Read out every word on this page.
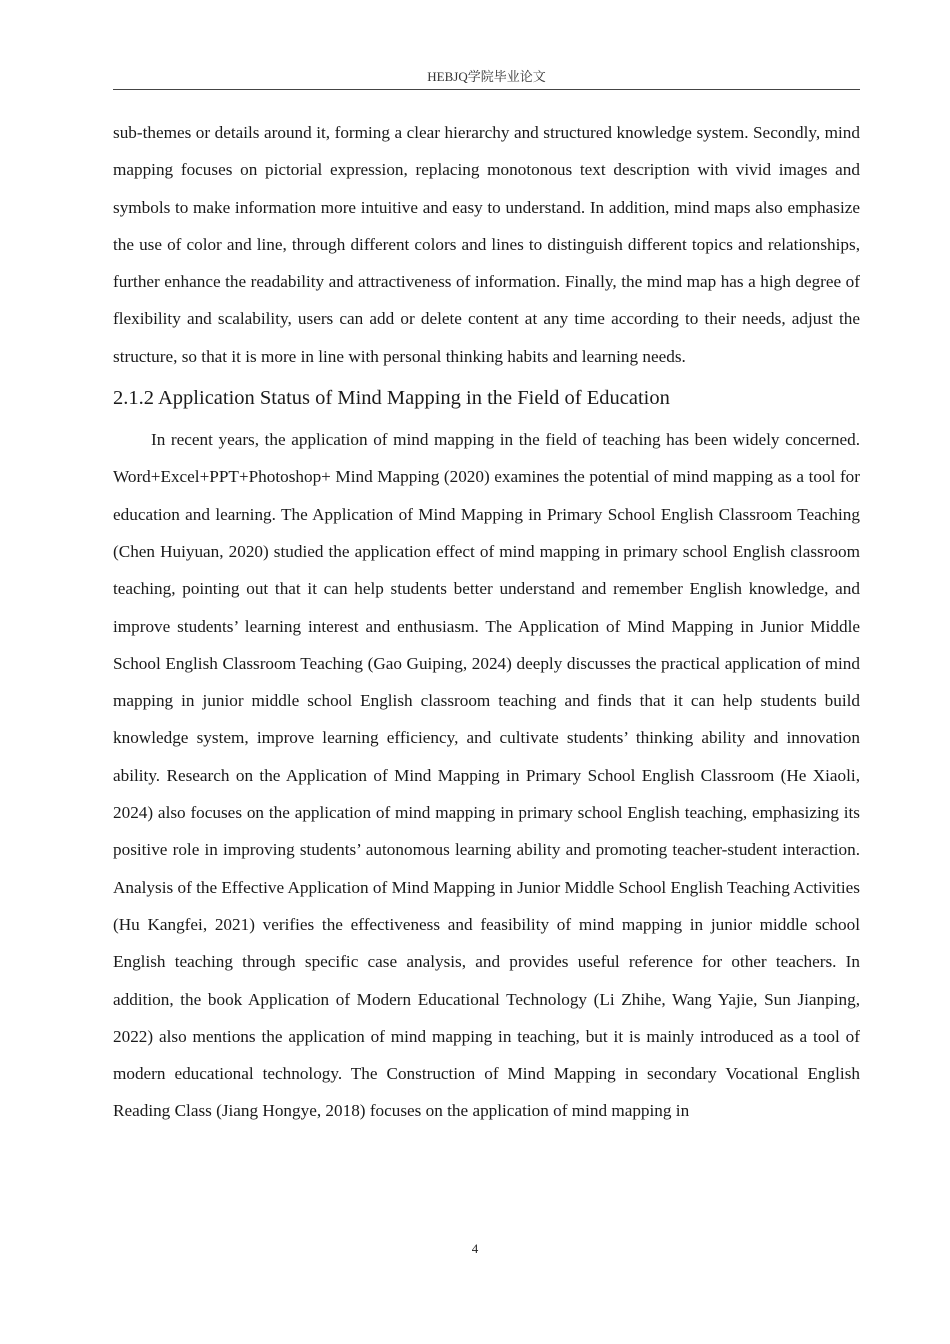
HEBJQ学院毕业论文

sub-themes or details around it, forming a clear hierarchy and structured knowledge system. Secondly, mind mapping focuses on pictorial expression, replacing monotonous text description with vivid images and symbols to make information more intuitive and easy to understand. In addition, mind maps also emphasize the use of color and line, through different colors and lines to distinguish different topics and relationships, further enhance the readability and attractiveness of information. Finally, the mind map has a high degree of flexibility and scalability, users can add or delete content at any time according to their needs, adjust the structure, so that it is more in line with personal thinking habits and learning needs.

2.1.2 Application Status of Mind Mapping in the Field of Education

In recent years, the application of mind mapping in the field of teaching has been widely concerned. Word+Excel+PPT+Photoshop+ Mind Mapping (2020) examines the potential of mind mapping as a tool for education and learning. The Application of Mind Mapping in Primary School English Classroom Teaching (Chen Huiyuan, 2020) studied the application effect of mind mapping in primary school English classroom teaching, pointing out that it can help students better understand and remember English knowledge, and improve students’ learning interest and enthusiasm. The Application of Mind Mapping in Junior Middle School English Classroom Teaching (Gao Guiping, 2024) deeply discusses the practical application of mind mapping in junior middle school English classroom teaching and finds that it can help students build knowledge system, improve learning efficiency, and cultivate students’ thinking ability and innovation ability. Research on the Application of Mind Mapping in Primary School English Classroom (He Xiaoli, 2024) also focuses on the application of mind mapping in primary school English teaching, emphasizing its positive role in improving students’ autonomous learning ability and promoting teacher-student interaction. Analysis of the Effective Application of Mind Mapping in Junior Middle School English Teaching Activities (Hu Kangfei, 2021) verifies the effectiveness and feasibility of mind mapping in junior middle school English teaching through specific case analysis, and provides useful reference for other teachers. In addition, the book Application of Modern Educational Technology (Li Zhihe, Wang Yajie, Sun Jianping, 2022) also mentions the application of mind mapping in teaching, but it is mainly introduced as a tool of modern educational technology. The Construction of Mind Mapping in secondary Vocational English Reading Class (Jiang Hongye, 2018) focuses on the application of mind mapping in

4
